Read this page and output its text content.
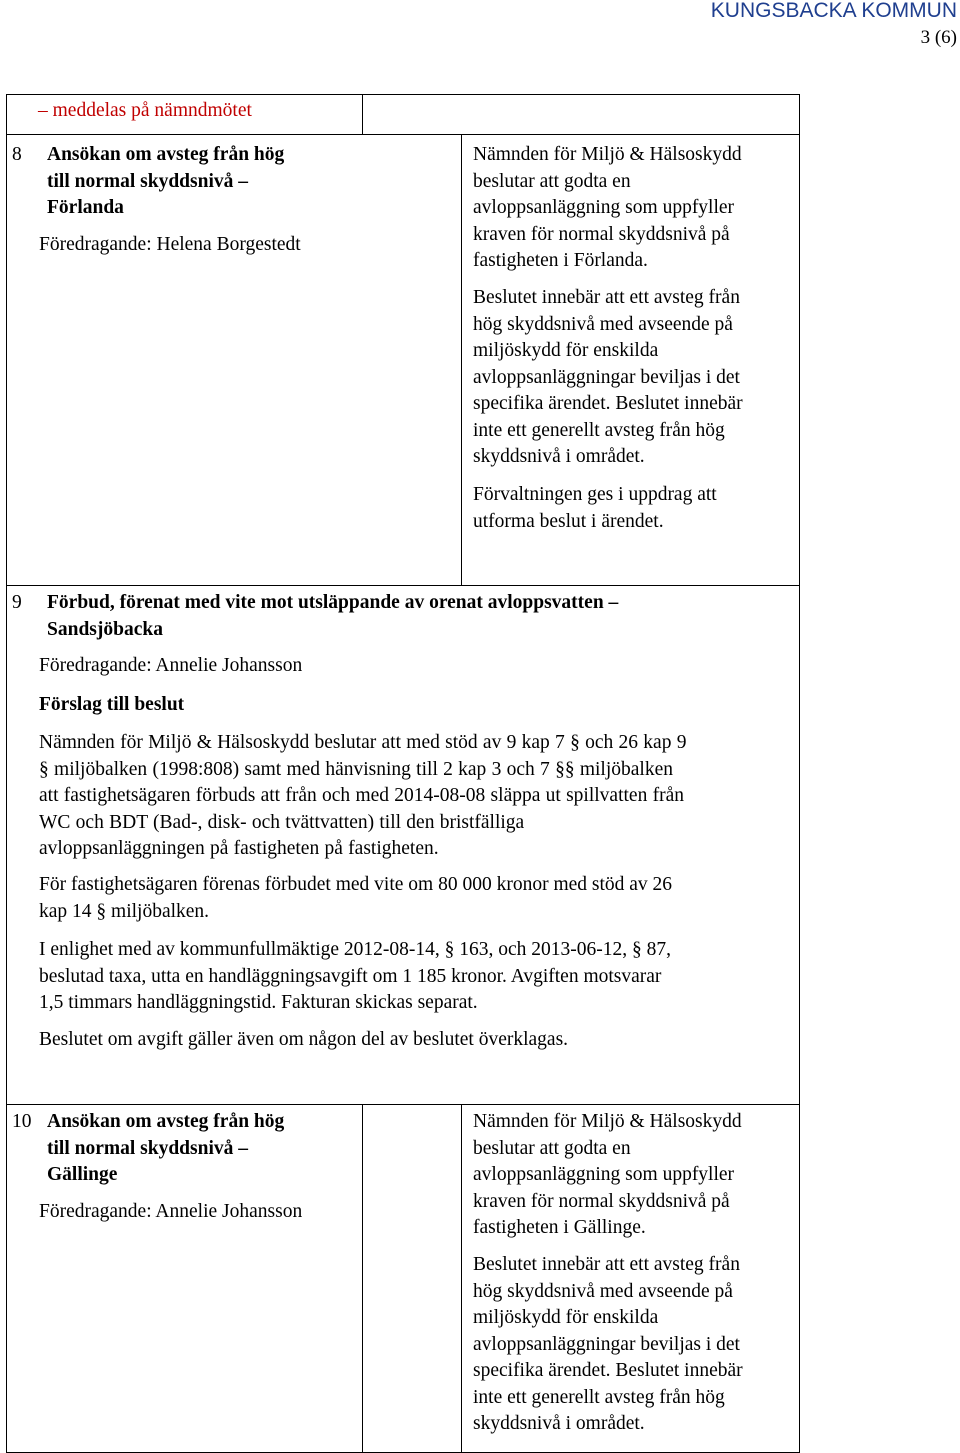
KUNGSBACKA KOMMUN
3 (6)
– meddelas på nämndmötet
8 Ansökan om avsteg från hög
till normal skyddsnivå –
Förlanda
Föredragande: Helena Borgestedt
Nämnden för Miljö & Hälsoskydd
beslutar att godta en
avloppsanläggning som uppfyller
kraven för normal skyddsnivå på
fastigheten i Förlanda.
Beslutet innebär att ett avsteg från
hög skyddsnivå med avseende på
miljöskydd för enskilda
avloppsanläggningar beviljas i det
specifika ärendet. Beslutet innebär
inte ett generellt avsteg från hög
skyddsnivå i området.
Förvaltningen ges i uppdrag att
utforma beslut i ärendet.
9 Förbud, förenat med vite mot utsläppande av orenat avloppsvatten –
Sandsjöbacka
Föredragande: Annelie Johansson
Förslag till beslut
Nämnden för Miljö & Hälsoskydd beslutar att med stöd av 9 kap 7 § och 26 kap 9
§ miljöbalken (1998:808) samt med hänvisning till 2 kap 3 och 7 §§ miljöbalken
att fastighetsägaren förbuds att från och med 2014-08-08 släppa ut spillvatten från
WC och BDT (Bad-, disk- och tvättvatten) till den bristfälliga
avloppsanläggningen på fastigheten på fastigheten.
För fastighetsägaren förenas förbudet med vite om 80 000 kronor med stöd av 26
kap 14 § miljöbalken.
I enlighet med av kommunfullmäktige 2012-08-14, § 163, och 2013-06-12, § 87,
beslutad taxa, utta en handläggningsavgift om 1 185 kronor. Avgiften motsvarar
1,5 timmars handläggningstid. Fakturan skickas separat.
Beslutet om avgift gäller även om någon del av beslutet överklagas.
10 Ansökan om avsteg från hög
till normal skyddsnivå –
Gällinge
Föredragande: Annelie Johansson
Nämnden för Miljö & Hälsoskydd
beslutar att godta en
avloppsanläggning som uppfyller
kraven för normal skyddsnivå på
fastigheten i Gällinge.
Beslutet innebär att ett avsteg från
hög skyddsnivå med avseende på
miljöskydd för enskilda
avloppsanläggningar beviljas i det
specifika ärendet. Beslutet innebär
inte ett generellt avsteg från hög
skyddsnivå i området.
